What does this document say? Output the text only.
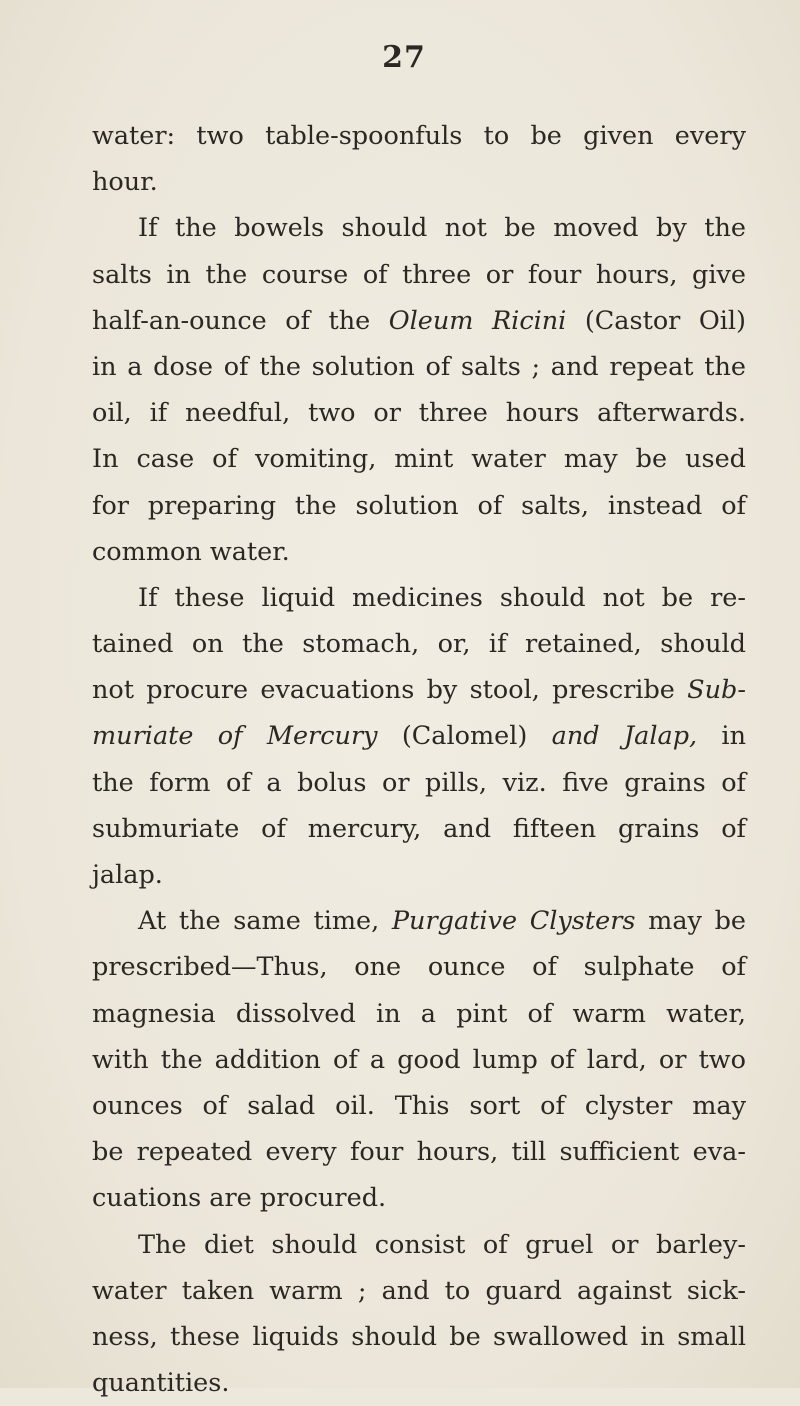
27
water: two table-spoonfuls to be given every
hour.
If the bowels should not be moved by the
salts in the course of three or four hours, give
half-an-ounce of the Oleum Ricini (Castor Oil)
in a dose of the solution of salts ; and repeat the
oil, if needful, two or three hours afterwards.
In case of vomiting, mint water may be used
for preparing the solution of salts, instead of
common water.
If these liquid medicines should not be re-
tained on the stomach, or, if retained, should
not procure evacuations by stool, prescribe Sub-
muriate of Mercury (Calomel) and Jalap, in
the form of a bolus or pills, viz. five grains of
submuriate of mercury, and fifteen grains of
jalap.
At the same time, Purgative Clysters may be
prescribed—Thus, one ounce of sulphate of
magnesia dissolved in a pint of warm water,
with the addition of a good lump of lard, or two
ounces of salad oil. This sort of clyster may
be repeated every four hours, till sufficient eva-
cuations are procured.
The diet should consist of gruel or barley-
water taken warm ; and to guard against sick-
ness, these liquids should be swallowed in small
quantities.
